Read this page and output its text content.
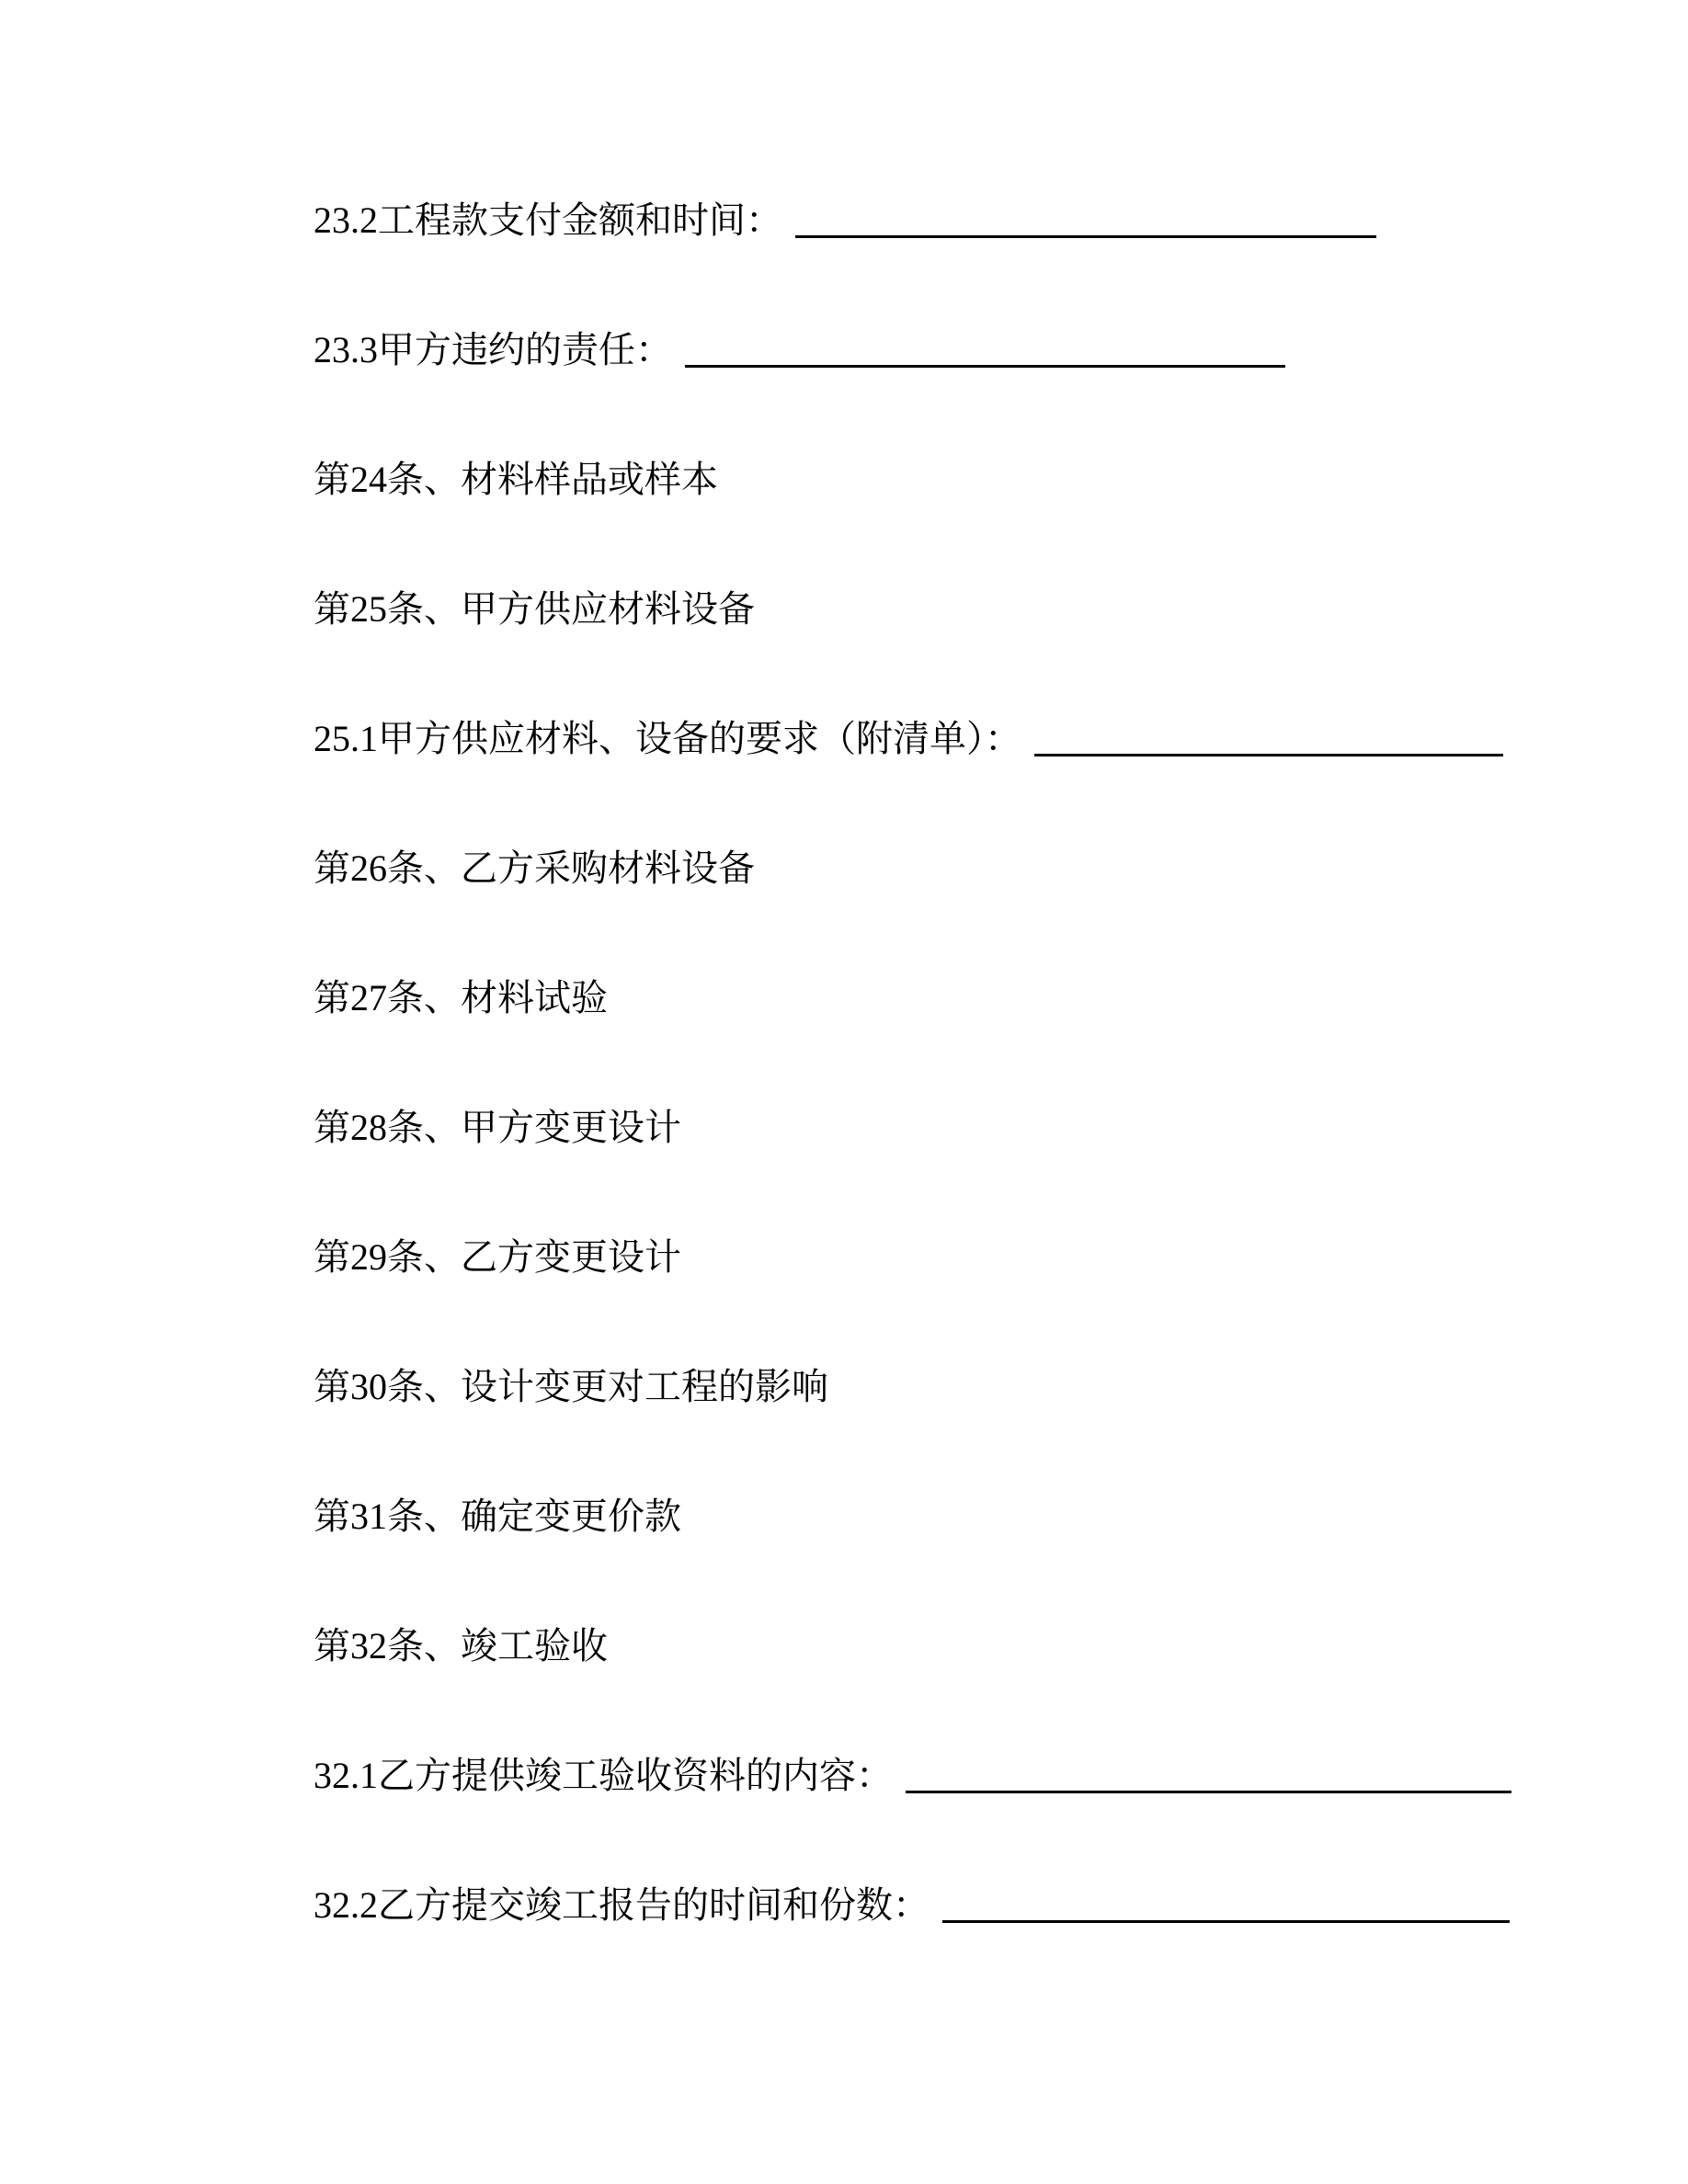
23.2工程款支付金额和时间：

23.3甲方违约的责任：

第24条、材料样品或样本

第25条、甲方供应材料设备

25.1甲方供应材料、设备的要求（附清单）：

第26条、乙方采购材料设备

第27条、材料试验

第28条、甲方变更设计

第29条、乙方变更设计

第30条、设计变更对工程的影响

第31条、确定变更价款

第32条、竣工验收

32.1乙方提供竣工验收资料的内容：

32.2乙方提交竣工报告的时间和份数：
